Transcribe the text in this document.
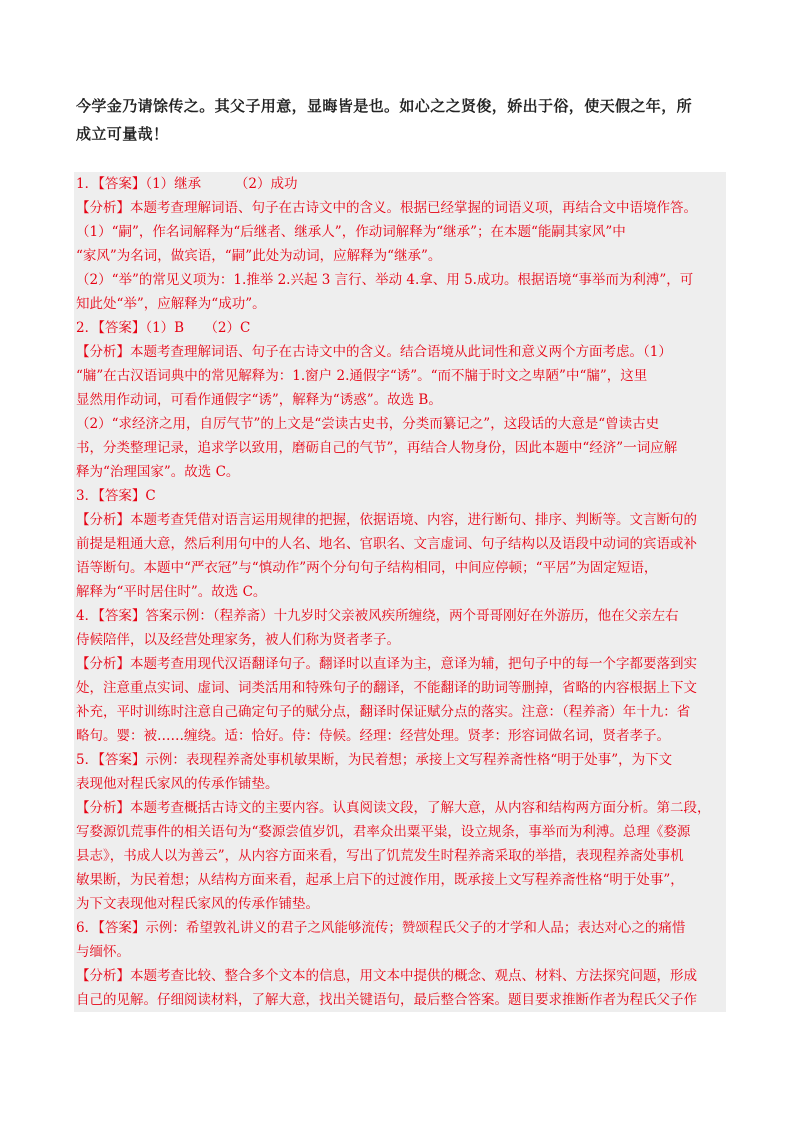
今学金乃请馀传之。其父子用意，显晦皆是也。如心之之贤俊，娇出于俗，使天假之年，所
成立可量哉！

1．【答案】（1）继承　　　（2）成功

【分析】本题考查理解词语、句子在古诗文中的含义。根据已经掌握的词语义项，再结合文中语境作答。

（1）“嗣”，作名词解释为“后继者、继承人”，作动词解释为“继承”；在本题“能嗣其家风”中

“家风”为名词，做宾语，“嗣”此处为动词，应解释为“继承”。

（2）“举”的常见义项为：1.推举 2.兴起 3 言行、举动 4.拿、用 5.成功。根据语境“事举而为利溥”，可

知此处“举”，应解释为“成功”。

2．【答案】（1）B　　（2）C

【分析】本题考查理解词语、句子在古诗文中的含义。结合语境从此词性和意义两个方面考虑。（1）

“牖”在古汉语词典中的常见解释为：1.窗户 2.通假字“诱”。“而不牖于时文之卑陋”中“牖”，这里

显然用作动词，可看作通假字“诱”，解释为“诱惑”。故选 B。

（2）“求经济之用，自厉气节”的上文是“尝读古史书，分类而纂记之”，这段话的大意是“曾读古史

书，分类整理记录，追求学以致用，磨砺自己的气节”，再结合人物身份，因此本题中“经济”一词应解

释为“治理国家”。故选 C。

3．【答案】C

【分析】本题考查凭借对语言运用规律的把握，依据语境、内容，进行断句、排序、判断等。文言断句的

前提是粗通大意，然后利用句中的人名、地名、官职名、文言虚词、句子结构以及语段中动词的宾语或补

语等断句。本题中“严衣冠”与“慎动作”两个分句句子结构相同，中间应停顿；“平居”为固定短语，

解释为“平时居住时”。故选 C。

4．【答案】答案示例：（程养斋）十九岁时父亲被风疾所缠绕，两个哥哥刚好在外游历，他在父亲左右

侍候陪伴，以及经营处理家务，被人们称为贤者孝子。

【分析】本题考查用现代汉语翻译句子。翻译时以直译为主，意译为辅，把句子中的每一个字都要落到实

处，注意重点实词、虚词、词类活用和特殊句子的翻译，不能翻译的助词等删掉，省略的内容根据上下文

补充，平时训练时注意自己确定句子的赋分点，翻译时保证赋分点的落实。注意：（程养斋）年十九：省

略句。婴：被……缠绕。适：恰好。侍：侍候。经理：经营处理。贤孝：形容词做名词，贤者孝子。

5．【答案】示例：表现程养斋处事机敏果断，为民着想；承接上文写程养斋性格“明于处事”，为下文

表现他对程氏家风的传承作铺垫。

【分析】本题考查概括古诗文的主要内容。认真阅读文段，了解大意，从内容和结构两方面分析。第二段，

写婺源饥荒事件的相关语句为“婺源尝值岁饥，君率众出粟平粜，设立规条，事举而为利溥。总理《婺源

县志》，书成人以为善云”，从内容方面来看，写出了饥荒发生时程养斋采取的举措，表现程养斋处事机

敏果断，为民着想；从结构方面来看，起承上启下的过渡作用，既承接上文写程养斋性格“明于处事”，

为下文表现他对程氏家风的传承作铺垫。

6．【答案】示例：希望敦礼讲义的君子之风能够流传；赞颂程氏父子的才学和人品；表达对心之的痛惜

与缅怀。

【分析】本题考查比较、整合多个文本的信息，用文本中提供的概念、观点、材料、方法探究问题，形成

自己的见解。仔细阅读材料，了解大意，找出关键语句，最后整合答案。题目要求推断作者为程氏父子作
